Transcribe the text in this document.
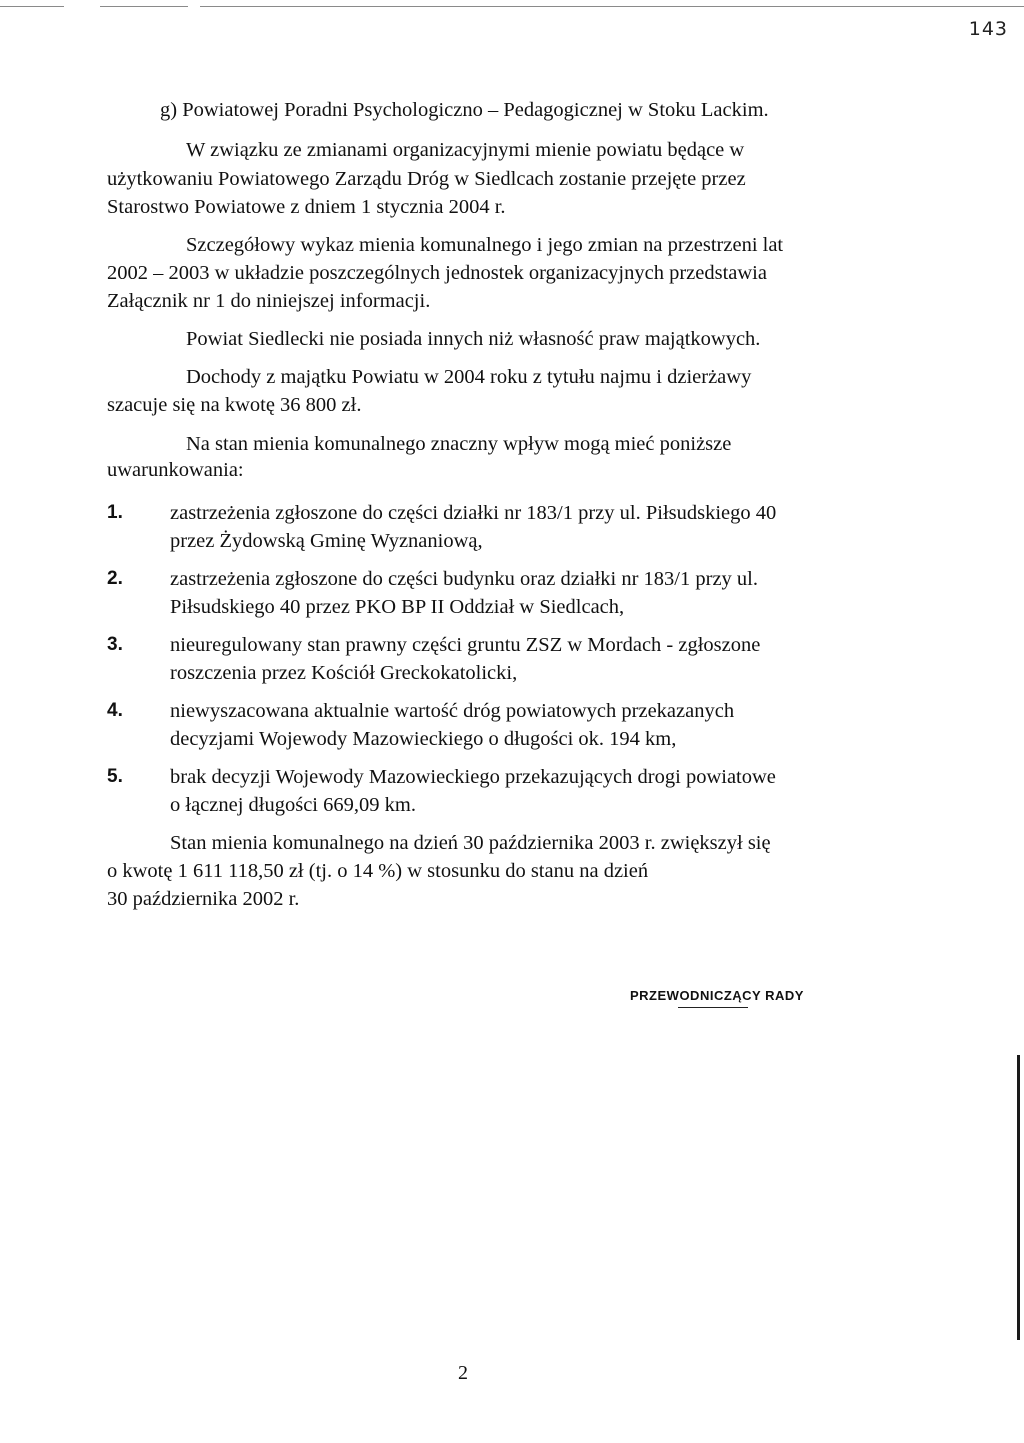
143
g) Powiatowej Poradni Psychologiczno – Pedagogicznej w Stoku Lackim.
W związku ze zmianami organizacyjnymi mienie powiatu będące w
użytkowaniu Powiatowego Zarządu Dróg w Siedlcach zostanie przejęte przez
Starostwo Powiatowe z dniem 1 stycznia 2004 r.
Szczegółowy wykaz mienia komunalnego i jego zmian na przestrzeni lat
2002 – 2003 w układzie poszczególnych jednostek organizacyjnych przedstawia
Załącznik nr 1 do niniejszej informacji.
Powiat Siedlecki nie posiada innych niż własność praw majątkowych.
Dochody z majątku Powiatu w 2004 roku z tytułu najmu i dzierżawy
szacuje się na kwotę 36 800 zł.
Na stan mienia komunalnego znaczny wpływ mogą mieć poniższe
uwarunkowania:
1. zastrzeżenia zgłoszone do części działki nr 183/1 przy ul. Piłsudskiego 40
przez Żydowską Gminę Wyznaniową,
2. zastrzeżenia zgłoszone do części budynku oraz działki nr 183/1 przy ul.
Piłsudskiego 40 przez PKO BP II Oddział w Siedlcach,
3. nieuregulowany stan prawny części gruntu ZSZ w Mordach - zgłoszone
roszczenia przez Kościół Greckokatolicki,
4. niewyszacowana aktualnie wartość dróg powiatowych przekazanych
decyzjami Wojewody Mazowieckiego o długości ok. 194 km,
5. brak decyzji Wojewody Mazowieckiego przekazujących drogi powiatowe
o łącznej długości 669,09 km.
Stan mienia komunalnego na dzień 30 października 2003 r. zwiększył się
o kwotę 1 611 118,50 zł (tj. o 14 %) w stosunku do stanu na dzień
30 października 2002 r.
PRZEWODNICZĄCY RADY
2
